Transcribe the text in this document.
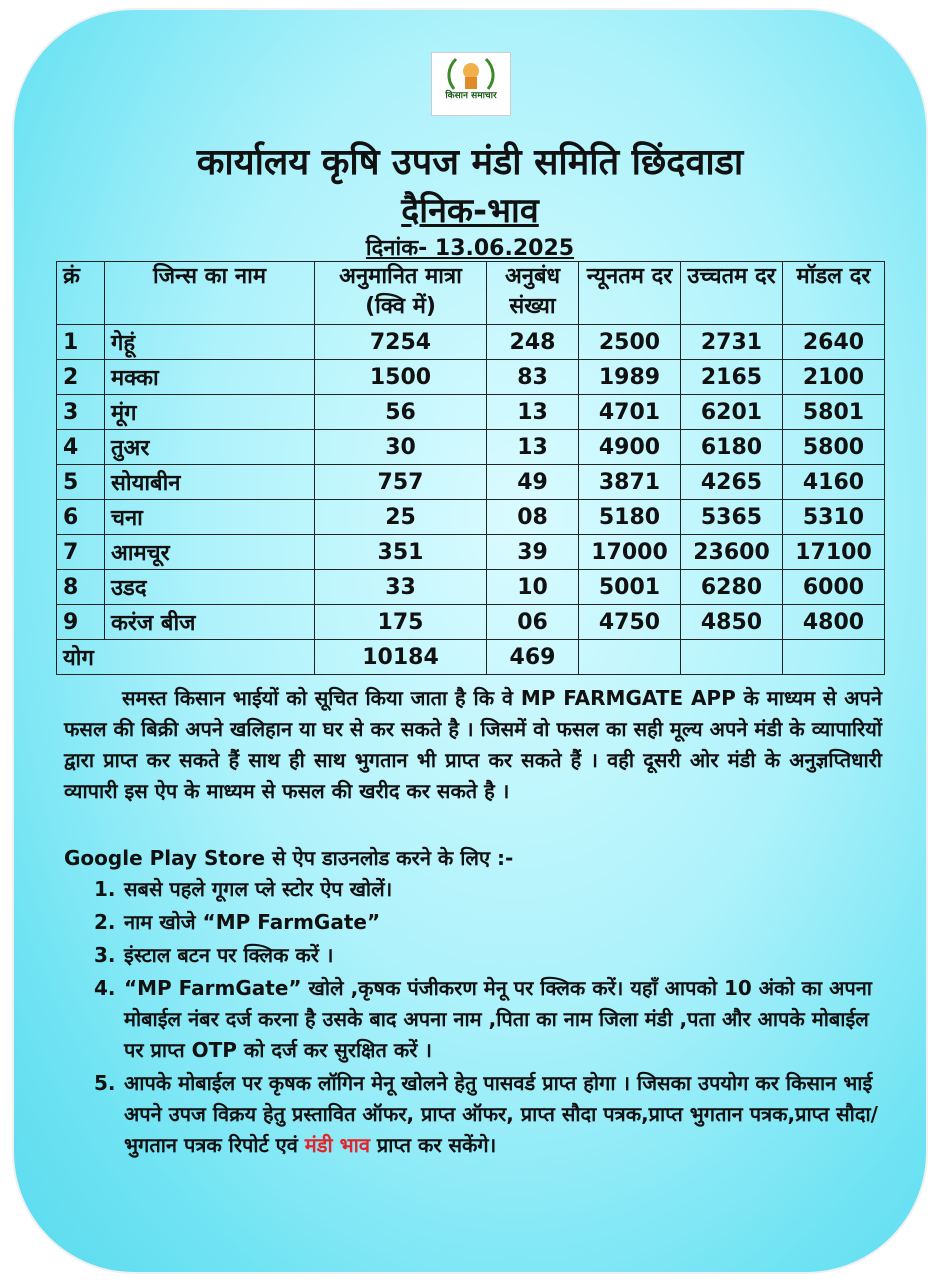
किसान समाचार
कार्यालय कृषि उपज मंडी समिति छिंदवाडा
दैनिक-भाव
दिनांक- 13.06.2025
क्रं	जिन्स का नाम	अनुमानित मात्रा (क्वि में)	अनुबंध संख्या	न्यूनतम दर	उच्चतम दर	मॉडल दर
1	गेहूं	7254	248	2500	2731	2640
2	मक्का	1500	83	1989	2165	2100
3	मूंग	56	13	4701	6201	5801
4	तुअर	30	13	4900	6180	5800
5	सोयाबीन	757	49	3871	4265	4160
6	चना	25	08	5180	5365	5310
7	आमचूर	351	39	17000	23600	17100
8	उडद	33	10	5001	6280	6000
9	करंज बीज	175	06	4750	4850	4800
योग		10184	469			
समस्त किसान भाईयों को सूचित किया जाता है कि वे MP FARMGATE APP के माध्यम से अपने फसल की बिक्री अपने खलिहान या घर से कर सकते है । जिसमें वो फसल का सही मूल्य अपने मंडी के व्यापारियों द्वारा प्राप्त कर सकते हैं साथ ही साथ भुगतान भी प्राप्त कर सकते हैं । वही दूसरी ओर मंडी के अनुज्ञप्तिधारी व्यापारी इस ऐप के माध्यम से फसल की खरीद कर सकते है ।
Google Play Store से ऐप डाउनलोड करने के लिए :-
1. सबसे पहले गूगल प्ले स्टोर ऐप खोलें।
2. नाम खोजे “MP FarmGate”
3. इंस्टाल बटन पर क्लिक करें ।
4. “MP FarmGate” खोले ,कृषक पंजीकरण मेनू पर क्लिक करें। यहाँ आपको 10 अंको का अपना मोबाईल नंबर दर्ज करना है उसके बाद अपना नाम ,पिता का नाम जिला मंडी ,पता और आपके मोबाईल पर प्राप्त OTP को दर्ज कर सुरक्षित करें ।
5. आपके मोबाईल पर कृषक लॉगिन मेनू खोलने हेतु पासवर्ड प्राप्त होगा । जिसका उपयोग कर किसान भाई अपने उपज विक्रय हेतु प्रस्तावित ऑफर, प्राप्त ऑफर, प्राप्त सौदा पत्रक,प्राप्त भुगतान पत्रक,प्राप्त सौदा/भुगतान पत्रक रिपोर्ट एवं मंडी भाव प्राप्त कर सकेंगे।
